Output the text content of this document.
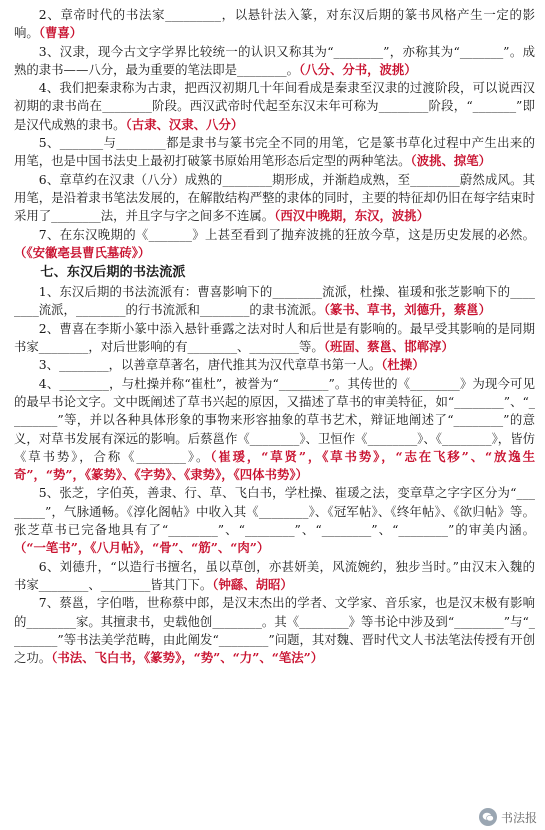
2、章帝时代的书法家_________，以悬针法入篆，对东汉后期的篆书风格产生一定的影响。（曹喜）

3、汉隶，现今古文字学界比较统一的认识又称其为“________”，亦称其为“_______”。成熟的隶书——八分，最为重要的笔法即是________。（八分、分书，波挑）

4、我们把秦隶称为古隶，把西汉初期几十年间看成是秦隶至汉隶的过渡阶段，可以说西汉初期的隶书尚在________阶段。西汉武帝时代起至东汉末年可称为________阶段，“_______”即是汉代成熟的隶书。（古隶、汉隶、八分）

5、_______与________都是隶书与篆书完全不同的用笔，它是篆书草化过程中产生出来的用笔，也是中国书法史上最初打破篆书原始用笔形态后定型的两种笔法。（波挑、掠笔）

6、章草约在汉隶（八分）成熟的________期形成，并渐趋成熟，至________蔚然成风。其用笔，是沿着隶书笔法发展的，在解散结构严整的隶体的同时，主要的特征却仍旧在每字结束时采用了________法，并且字与字之间多不连属。（西汉中晚期，东汉，波挑）

7、在东汉晚期的《_______》上甚至看到了抛弃波挑的狂放今草，这是历史发展的必然。（《安徽亳县曹氏墓砖》）

七、东汉后期的书法流派

1、东汉后期的书法流派有：曹喜影响下的________流派，杜操、崔瑗和张芝影响下的________流派，________的行书流派和________的隶书流派。（篆书、草书，刘德升，蔡邕）

2、曹喜在李斯小篆中添入悬针垂露之法对时人和后世是有影响的。最早受其影响的是同期书家________，对后世影响的有________、________等。（班固、蔡邕、邯郸淳）

3、________，以善章草著名，唐代推其为汉代章草书第一人。（杜操）

4、________，与杜操并称“崔杜”，被誉为“________”。其传世的《________》为现今可见的最早书论文字。文中既阐述了草书兴起的原因，又描述了草书的审美特征，如“________”、“________”等，并以各种具体形象的事物来形容抽象的草书艺术，辩证地阐述了“________”的意义，对草书发展有深远的影响。后蔡邕作《________》、卫恒作《________》、《________》，皆仿《草书势》，合称《________》。（崔瑗，“草贤”，《草书势》，“志在飞移”、“放逸生奇”，“势”，《篆势》、《字势》、《隶势》，《四体书势》）

5、张芝，字伯英，善隶、行、草、飞白书，学杜操、崔瑗之法，变章草之字字区分为“________”，气脉通畅。《淳化阁帖》中收入其《________》、《冠军帖》、《终年帖》、《欲归帖》等。张芝草书已完备地具有了“________”、“________”、“________”、“________”的审美内涵。（“一笔书”，《八月帖》，“骨”、“筋”、“肉”）

6、刘德升，“以造行书擅名，虽以草创，亦甚妍美，风流婉约，独步当时。”由汉末入魏的书家________、________皆其门下。（钟繇、胡昭）

7、蔡邕，字伯喈，世称蔡中郎，是汉末杰出的学者、文学家、音乐家，也是汉末极有影响的________家。其擅隶书，史载他创________。其《________》等书论中涉及到“________”与“________”等书法美学范畴，由此阐发“________”问题，其对魏、晋时代文人书法笔法传授有开创之功。（书法、飞白书，《篆势》，“势”、“力”、“笔法”）

书法报
